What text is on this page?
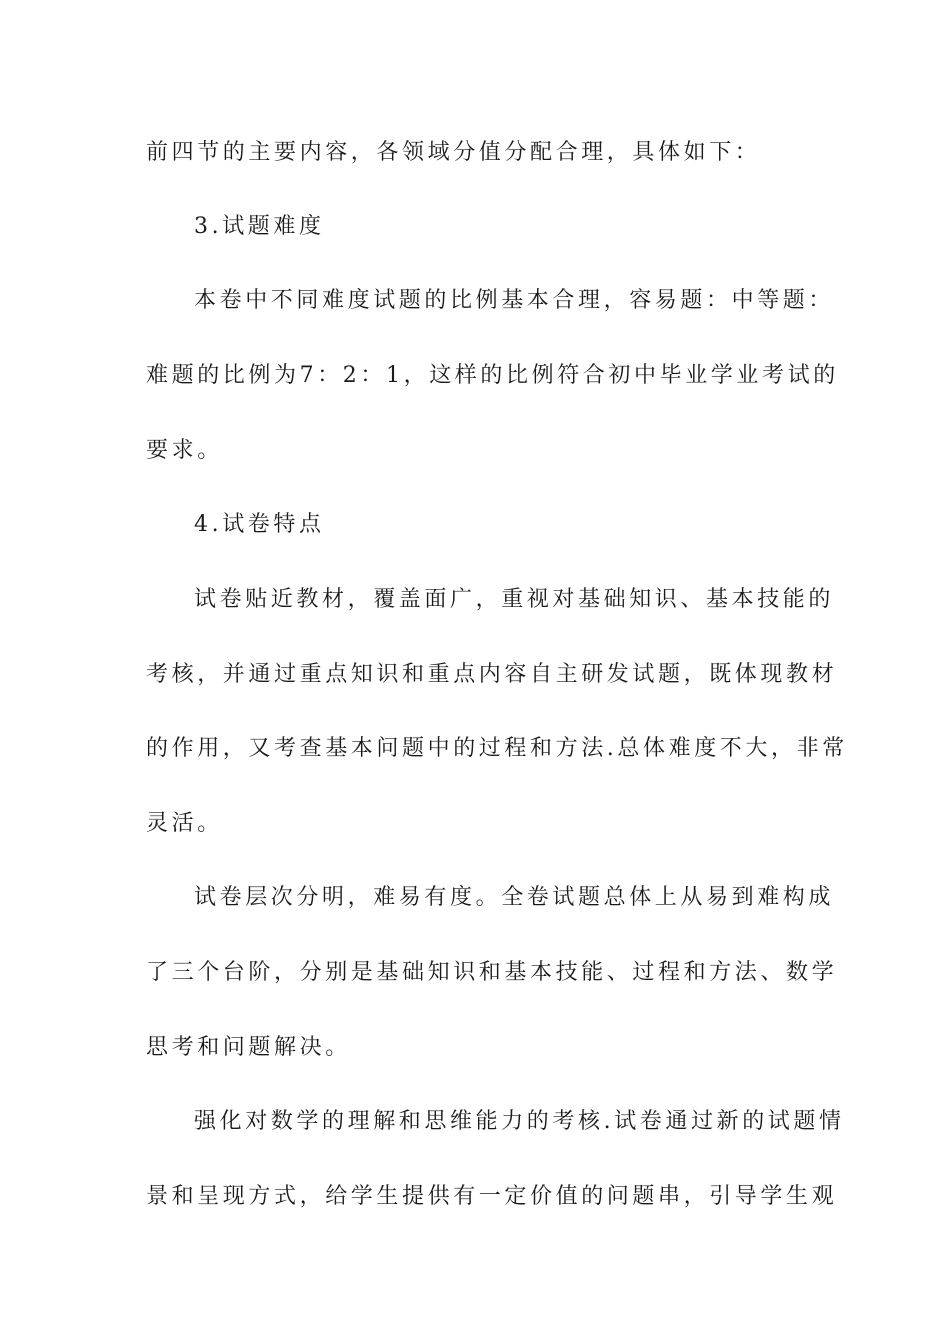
前四节的主要内容，各领域分值分配合理，具体如下：
3.试题难度
本卷中不同难度试题的比例基本合理，容易题：中等题：
难题的比例为7：2：1，这样的比例符合初中毕业学业考试的
要求。
4.试卷特点
试卷贴近教材，覆盖面广，重视对基础知识、基本技能的
考核，并通过重点知识和重点内容自主研发试题，既体现教材
的作用，又考查基本问题中的过程和方法.总体难度不大，非常
灵活。
试卷层次分明，难易有度。全卷试题总体上从易到难构成
了三个台阶，分别是基础知识和基本技能、过程和方法、数学
思考和问题解决。
强化对数学的理解和思维能力的考核.试卷通过新的试题情
景和呈现方式，给学生提供有一定价值的问题串，引导学生观
